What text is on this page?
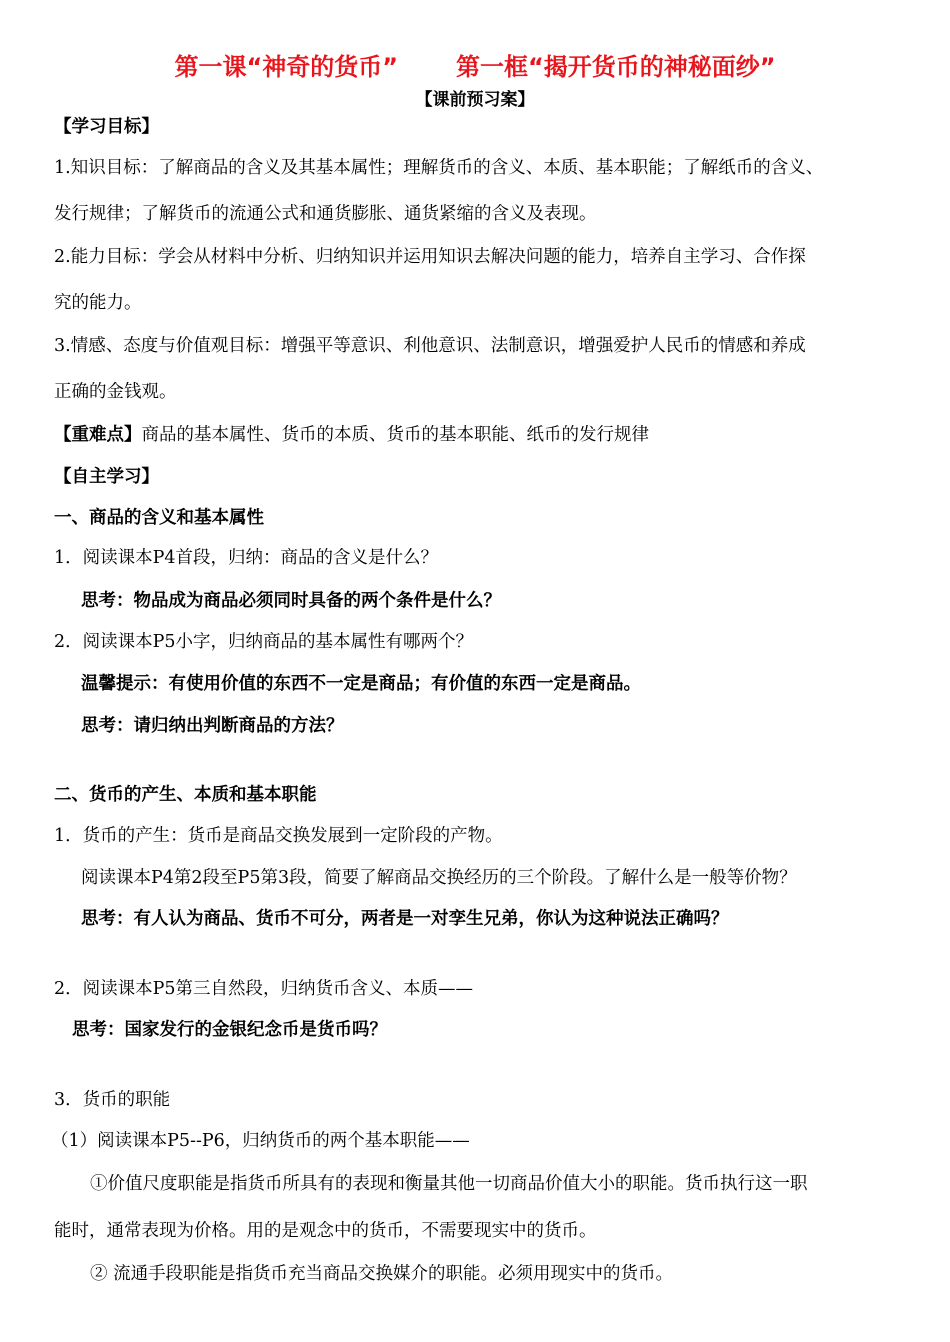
第一课“神奇的货币” 第一框“揭开货币的神秘面纱”
【课前预习案】
【学习目标】
1.知识目标：了解商品的含义及其基本属性；理解货币的含义、本质、基本职能；了解纸币的含义、
发行规律；了解货币的流通公式和通货膨胀、通货紧缩的含义及表现。
2.能力目标：学会从材料中分析、归纳知识并运用知识去解决问题的能力，培养自主学习、合作探
究的能力。
3.情感、态度与价值观目标：增强平等意识、利他意识、法制意识，增强爱护人民币的情感和养成
正确的金钱观。
【重难点】商品的基本属性、货币的本质、货币的基本职能、纸币的发行规律
【自主学习】
一、商品的含义和基本属性
1．阅读课本P4首段，归纳：商品的含义是什么？
思考：物品成为商品必须同时具备的两个条件是什么？
2．阅读课本P5小字，归纳商品的基本属性有哪两个？
温馨提示：有使用价值的东西不一定是商品；有价值的东西一定是商品。
思考：请归纳出判断商品的方法？
二、货币的产生、本质和基本职能
1．货币的产生：货币是商品交换发展到一定阶段的产物。
阅读课本P4第2段至P5第3段，简要了解商品交换经历的三个阶段。了解什么是一般等价物？
思考：有人认为商品、货币不可分，两者是一对孪生兄弟，你认为这种说法正确吗？
2．阅读课本P5第三自然段，归纳货币含义、本质——
思考：国家发行的金银纪念币是货币吗？
3．货币的职能
（1）阅读课本P5--P6，归纳货币的两个基本职能——
①价值尺度职能是指货币所具有的表现和衡量其他一切商品价值大小的职能。货币执行这一职
能时，通常表现为价格。用的是观念中的货币，不需要现实中的货币。
② 流通手段职能是指货币充当商品交换媒介的职能。必须用现实中的货币。
